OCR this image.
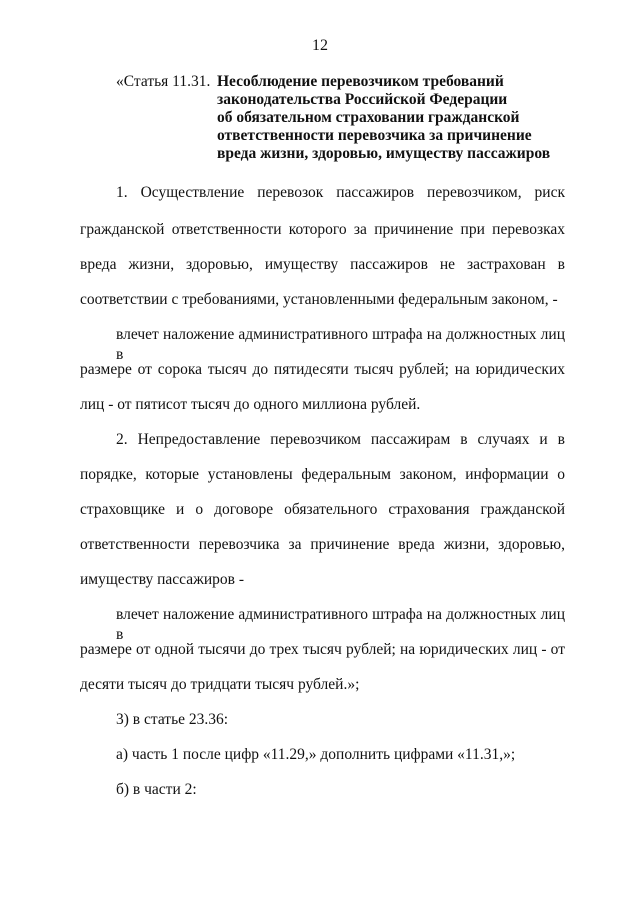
12
«Статья 11.31. Несоблюдение перевозчиком требований
законодательства Российской Федерации
об обязательном страховании гражданской
ответственности перевозчика за причинение
вреда жизни, здоровью, имуществу пассажиров
1. Осуществление перевозок пассажиров перевозчиком, риск
гражданской ответственности которого за причинение при перевозках
вреда жизни, здоровью, имуществу пассажиров не застрахован в
соответствии с требованиями, установленными федеральным законом, -
влечет наложение административного штрафа на должностных лиц в
размере от сорока тысяч до пятидесяти тысяч рублей; на юридических
лиц - от пятисот тысяч до одного миллиона рублей.
2. Непредоставление перевозчиком пассажирам в случаях и в
порядке, которые установлены федеральным законом, информации о
страховщике и о договоре обязательного страхования гражданской
ответственности перевозчика за причинение вреда жизни, здоровью,
имуществу пассажиров -
влечет наложение административного штрафа на должностных лиц в
размере от одной тысячи до трех тысяч рублей; на юридических лиц - от
десяти тысяч до тридцати тысяч рублей.»;
3) в статье 23.36:
а) часть 1 после цифр «11.29,» дополнить цифрами «11.31,»;
б) в части 2:
